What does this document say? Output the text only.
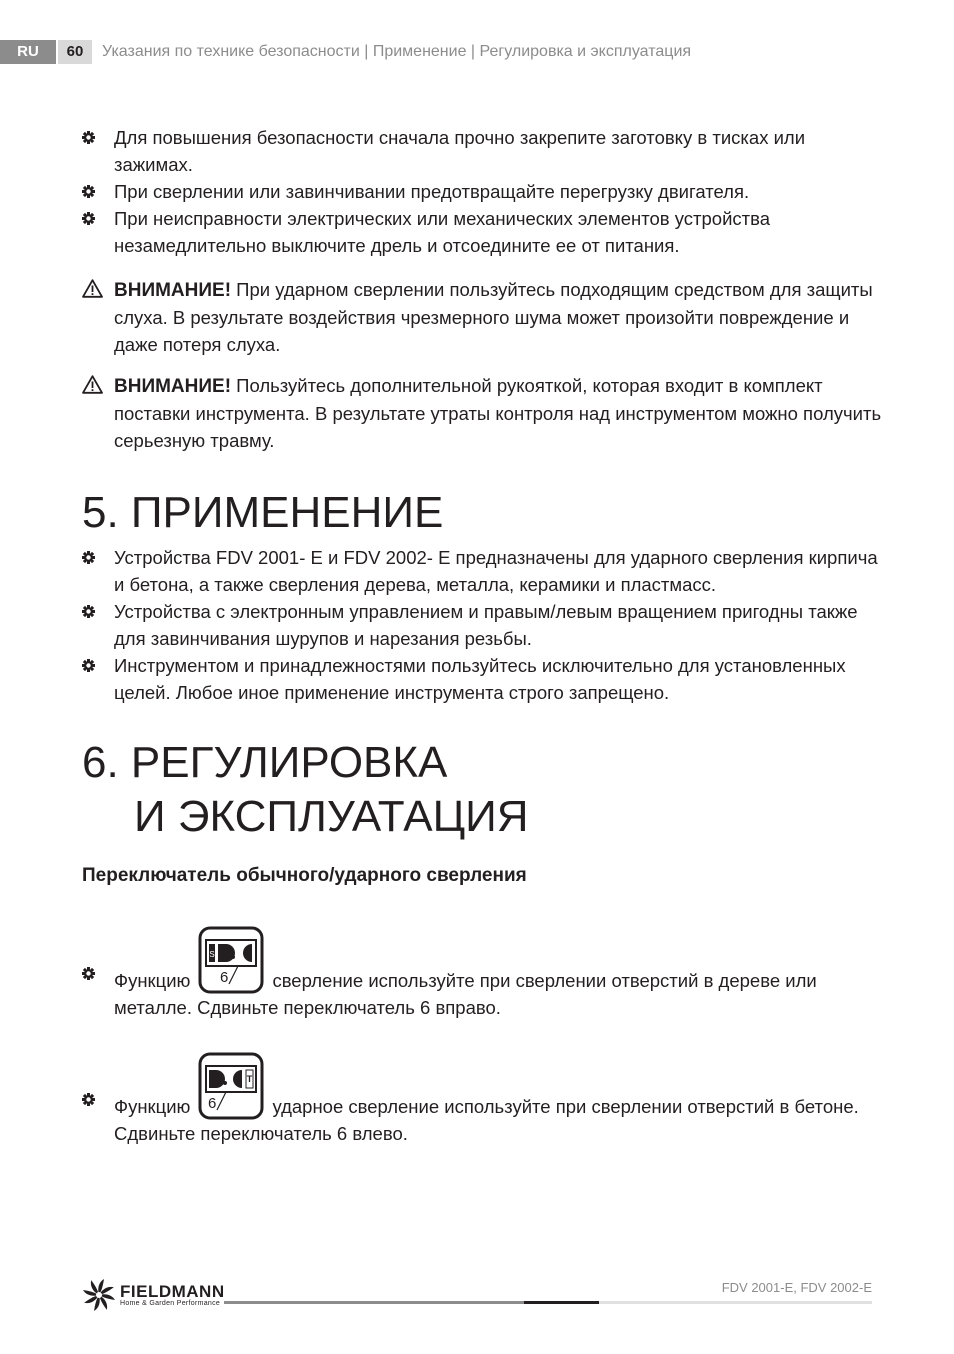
RU	60	Указания по технике безопасности | Применение | Регулировка и эксплуатация
Для повышения безопасности сначала прочно закрепите заготовку в тисках или зажимах.
При сверлении или завинчивании предотвращайте перегрузку двигателя.
При неисправности электрических или механических элементов устройства незамедлительно выключите дрель и отсоедините ее от питания.
ВНИМАНИЕ! При ударном сверлении пользуйтесь подходящим средством для защиты слуха. В результате воздействия чрезмерного шума может произойти повреждение и даже потеря слуха.
ВНИМАНИЕ! Пользуйтесь дополнительной рукояткой, которая входит в комплект поставки инструмента. В результате утраты контроля над инструментом можно получить серьезную травму.
5. ПРИМЕНЕНИЕ
Устройства FDV 2001- E и FDV 2002- E предназначены для ударного сверления кирпича и бетона, а также сверления дерева, металла, керамики и пластмасс.
Устройства с электронным управлением и правым/левым вращением пригодны также для завинчивания шурупов и нарезания резьбы.
Инструментом и принадлежностями пользуйтесь исключительно для установленных целей. Любое иное применение инструмента строго запрещено.
6. РЕГУЛИРОВКА
И ЭКСПЛУАТАЦИЯ
Переключатель обычного/ударного сверления
Функцию
S
6 сверление используйте при сверлении отверстий в дереве или
металле. Сдвиньте переключатель 6 вправо.
Функцию
T
6	ударное сверление используйте при сверлении отверстий в бетоне.
Сдвиньте переключатель 6 влево.
FIELDMANN
Home & Garden Performance
FDV 2001-E, FDV 2002-E
